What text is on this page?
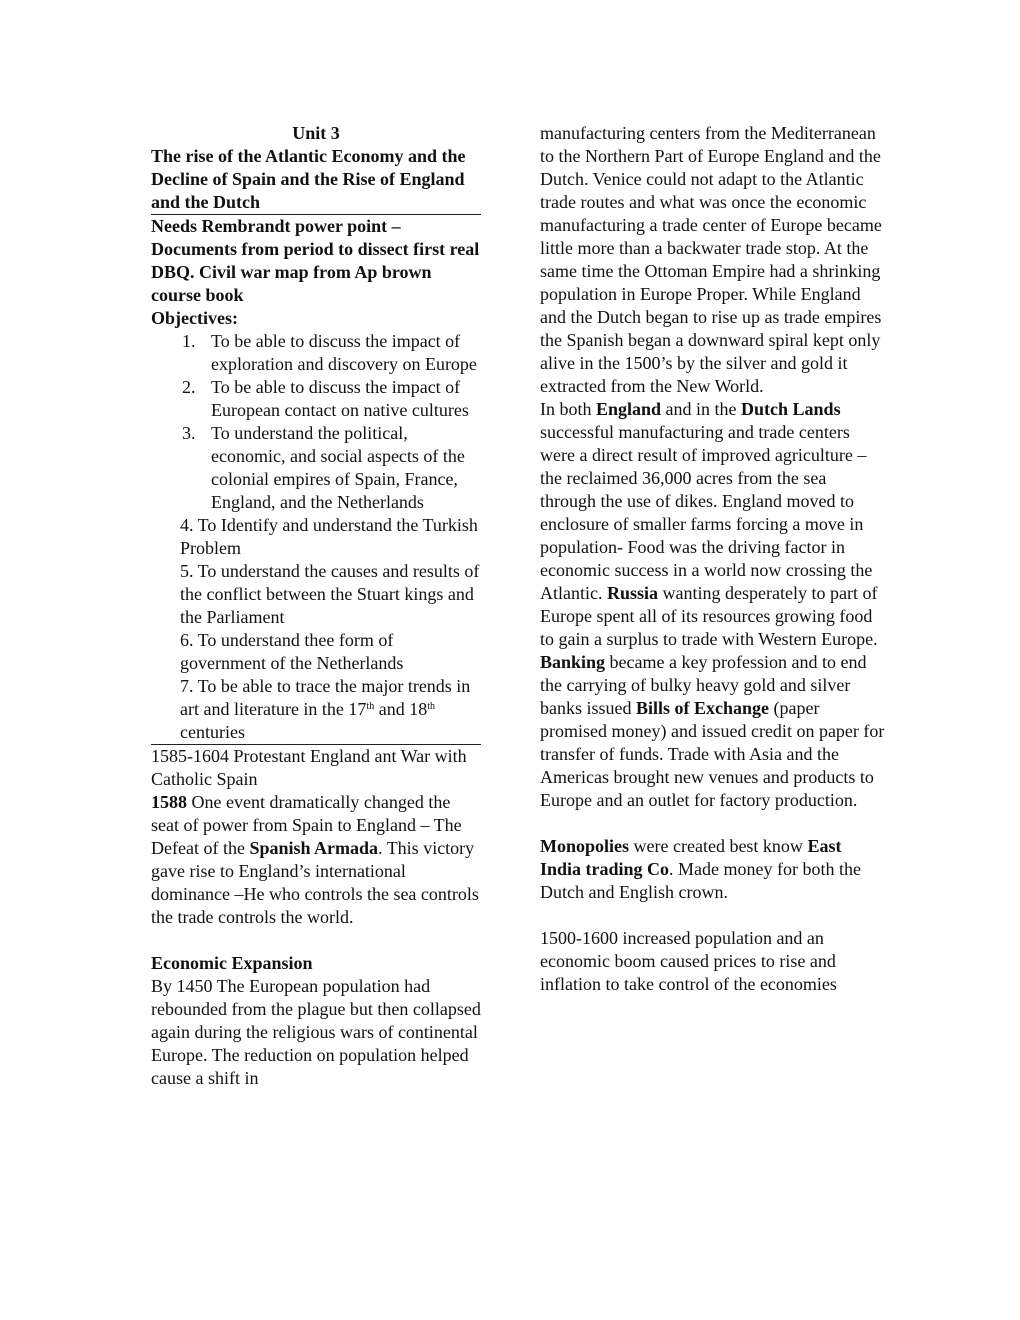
Unit 3

The rise of the Atlantic Economy and the Decline of Spain and the Rise of England and the Dutch

Needs Rembrandt power point – Documents from period to dissect first real DBQ. Civil war map from Ap brown course book

Objectives:

1. To be able to discuss the impact of exploration and discovery on Europe
2. To be able to discuss the impact of European contact on native cultures
3. To understand the political, economic, and social aspects of the colonial empires of Spain, France, England, and the Netherlands
4. To Identify and understand the Turkish Problem
5. To understand the causes and results of the conflict between the Stuart kings and the Parliament
6. To understand thee form of government of the Netherlands
7. To be able to trace the major trends in art and literature in the 17th and 18th centuries

1585-1604 Protestant England ant War with Catholic Spain

1588 One event dramatically changed the seat of power from Spain to England – The Defeat of the Spanish Armada. This victory gave rise to England’s international dominance –He who controls the sea controls the trade controls the world.

Economic Expansion

By 1450 The European population had rebounded from the plague but then collapsed again during the religious wars of continental Europe. The reduction on population helped cause a shift in

manufacturing centers from the Mediterranean to the Northern Part of Europe England and the Dutch. Venice could not adapt to the Atlantic trade routes and what was once the economic manufacturing a trade center of Europe became little more than a backwater trade stop. At the same time the Ottoman Empire had a shrinking population in Europe Proper. While England and the Dutch began to rise up as trade empires the Spanish began a downward spiral kept only alive in the 1500’s by the silver and gold it extracted from the New World.

In both England and in the Dutch Lands successful manufacturing and trade centers were a direct result of improved agriculture – the reclaimed 36,000 acres from the sea through the use of dikes. England moved to enclosure of smaller farms forcing a move in population- Food was the driving factor in economic success in a world now crossing the Atlantic. Russia wanting desperately to part of Europe spent all of its resources growing food to gain a surplus to trade with Western Europe.

Banking became a key profession and to end the carrying of bulky heavy gold and silver banks issued Bills of Exchange (paper promised money) and issued credit on paper for transfer of funds. Trade with Asia and the Americas brought new venues and products to Europe and an outlet for factory production.

Monopolies were created best know East India trading Co. Made money for both the Dutch and English crown.

1500-1600 increased population and an economic boom caused prices to rise and inflation to take control of the economies
